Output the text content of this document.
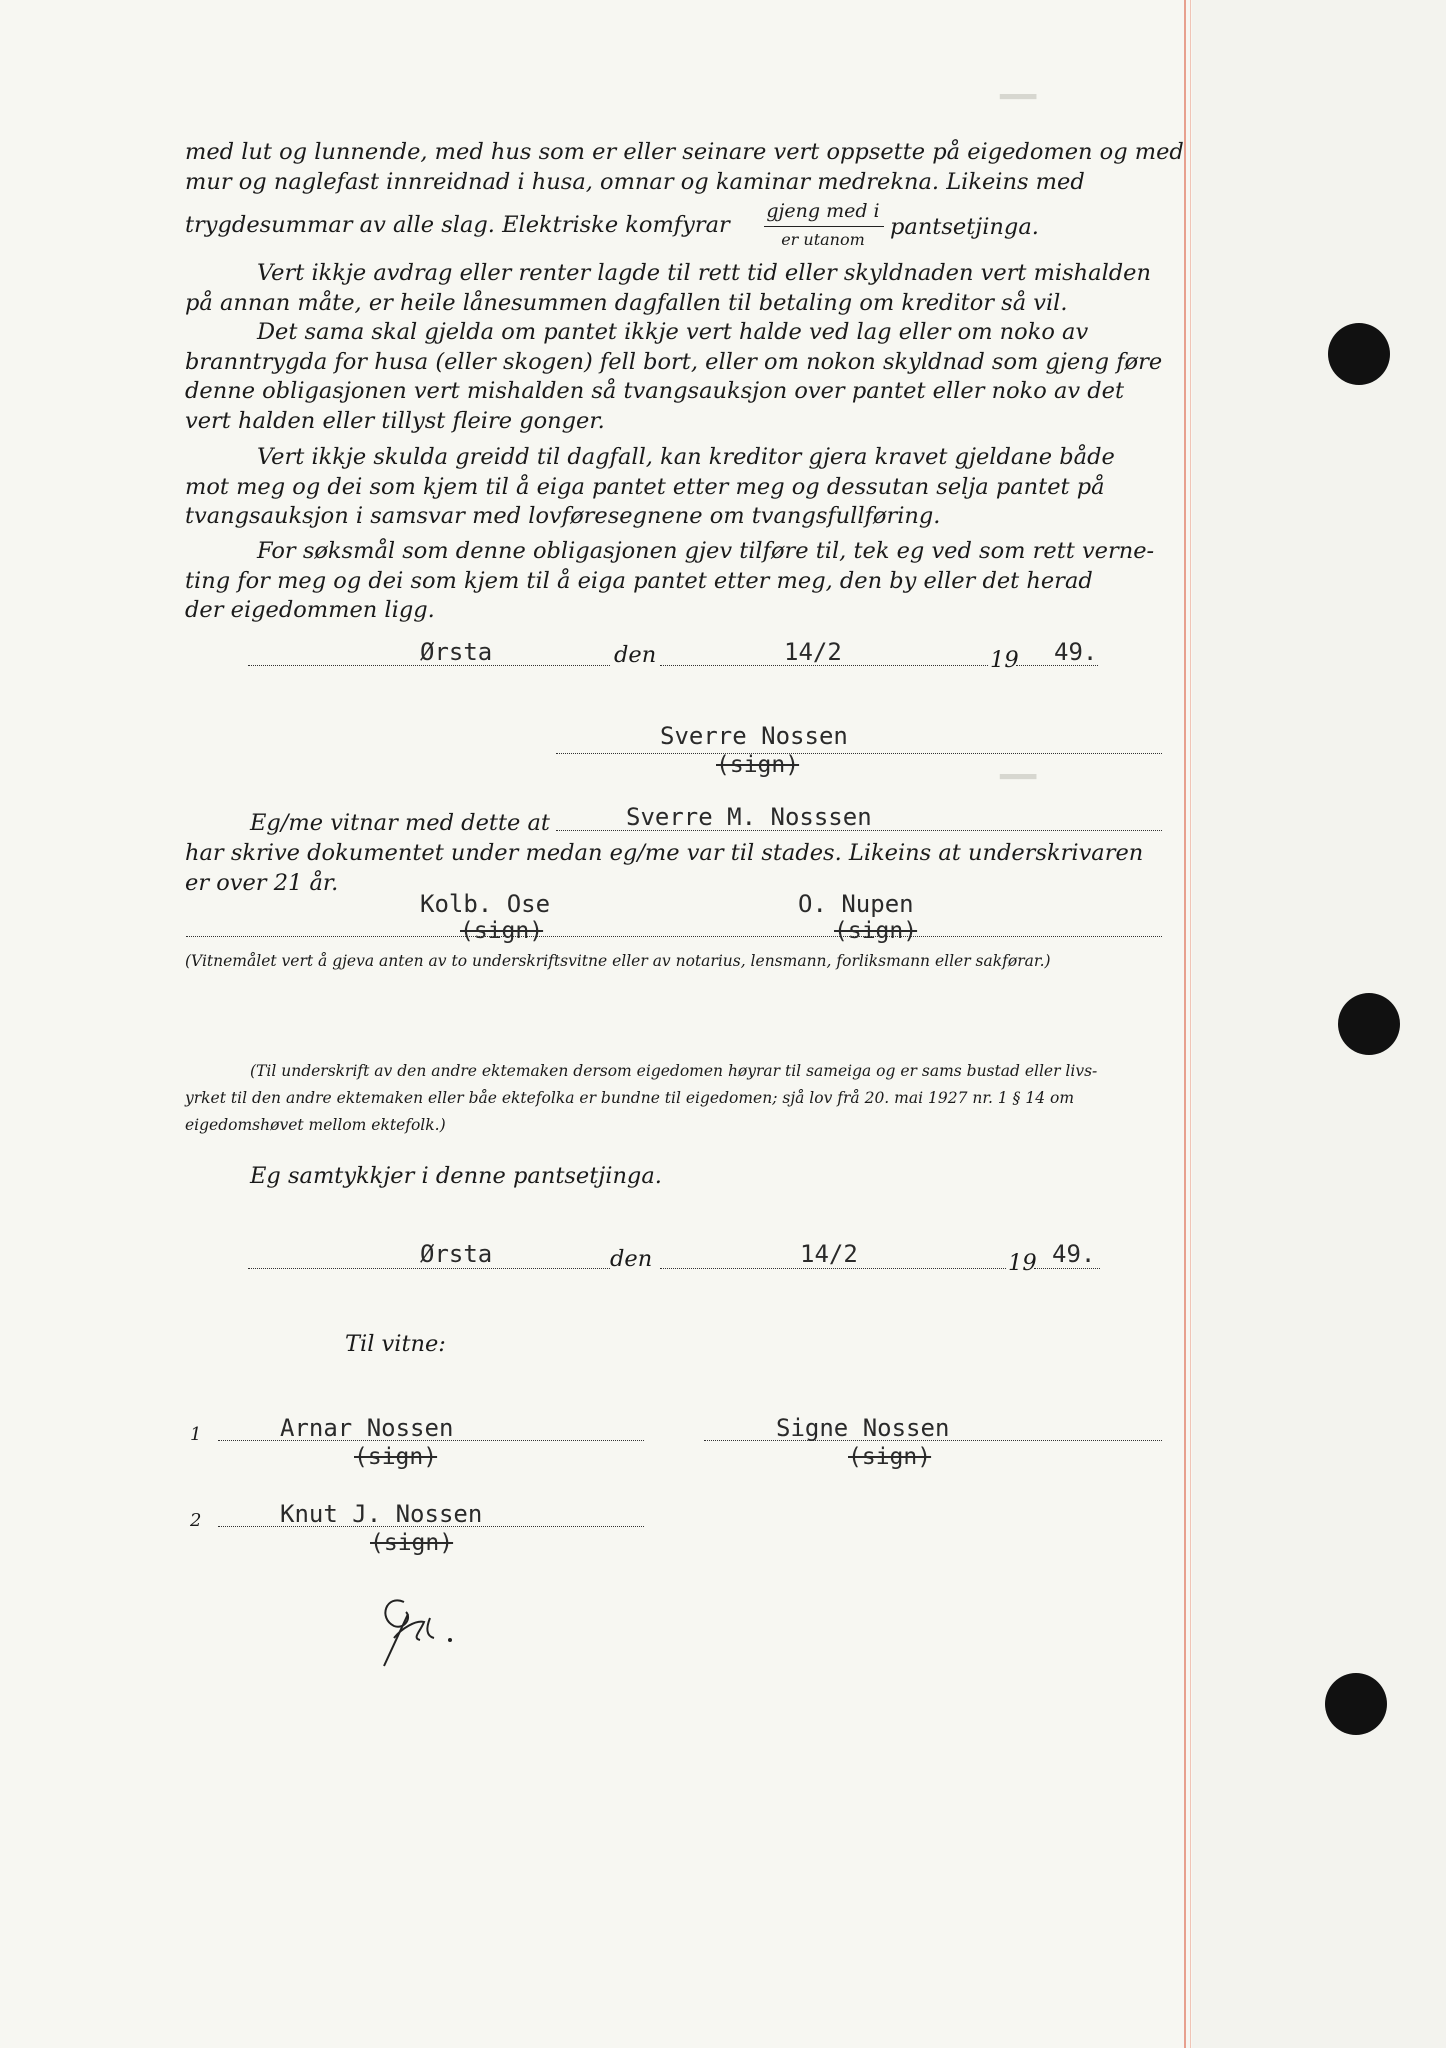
━━
━━
med lut og lunnende, med hus som er eller seinare vert oppsette på eigedomen og med
mur og naglefast innreidnad i husa, omnar og kaminar medrekna. Likeins med
trygdesummar av alle slag. Elektriske komfyrar
gjeng med i
er utanom	pantsetjinga.
Vert ikkje avdrag eller renter lagde til rett tid eller skyldnaden vert mishalden
på annan måte, er heile lånesummen dagfallen til betaling om kreditor så vil.
Det sama skal gjelda om pantet ikkje vert halde ved lag eller om noko av
branntrygda for husa (eller skogen) fell bort, eller om nokon skyldnad som gjeng føre
denne obligasjonen vert mishalden så tvangsauksjon over pantet eller noko av det
vert halden eller tillyst fleire gonger.
Vert ikkje skulda greidd til dagfall, kan kreditor gjera kravet gjeldane både
mot meg og dei som kjem til å eiga pantet etter meg og dessutan selja pantet på
tvangsauksjon i samsvar med lovføresegnene om tvangsfullføring.
For søksmål som denne obligasjonen gjev tilføre til, tek eg ved som rett verne-
ting for meg og dei som kjem til å eiga pantet etter meg, den by eller det herad
der eigedommen ligg.
Ørsta	den	14/2	19 49.
Sverre Nossen
(sign)
Eg/me vitnar med dette at	Sverre M. Nosssen
har skrive dokumentet under medan eg/me var til stades. Likeins at underskrivaren
er over 21 år.
Kolb. Ose
(sign)
O. Nupen
(sign)
(Vitnemålet vert å gjeva anten av to underskriftsvitne eller av notarius, lensmann, forliksmann eller sakførar.)
(Til underskrift av den andre ektemaken dersom eigedomen høyrar til sameiga og er sams bustad eller livs-
yrket til den andre ektemaken eller båe ektefolka er bundne til eigedomen; sjå lov frå 20. mai 1927 nr. 1 § 14 om
eigedomshøvet mellom ektefolk.)
Eg samtykkjer i denne pantsetjinga.
Ørsta	den	14/2	19 49.
Til vitne:
1	Arnar Nossen
(sign)
Signe Nossen
(sign)
2	Knut J. Nossen
(sign)
